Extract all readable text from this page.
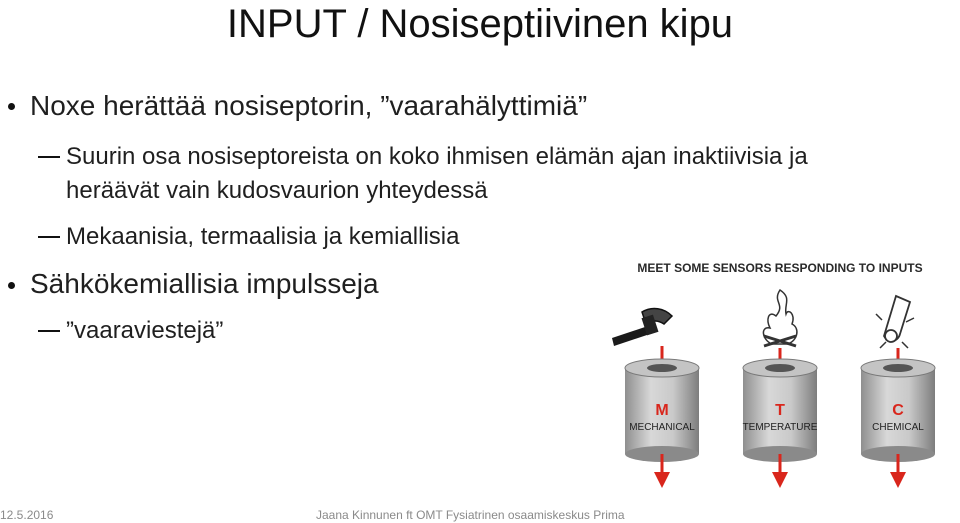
INPUT / Nosiseptiivinen kipu
Noxe herättää nosiseptorin, ”vaarahälyttimiä”
Suurin osa nosiseptoreista on koko ihmisen elämän ajan inaktiivisia ja
heräävät vain kudosvaurion yhteydessä
Mekaanisia, termaalisia ja kemiallisia
Sähkökemiallisia impulsseja
”vaaraviestejä”
MEET SOME SENSORS RESPONDING TO INPUTS
M
MECHANICAL
T
TEMPERATURE
C
CHEMICAL
12.5.2016	Jaana Kinnunen ft OMT Fysiatrinen osaamiskeskus Prima
